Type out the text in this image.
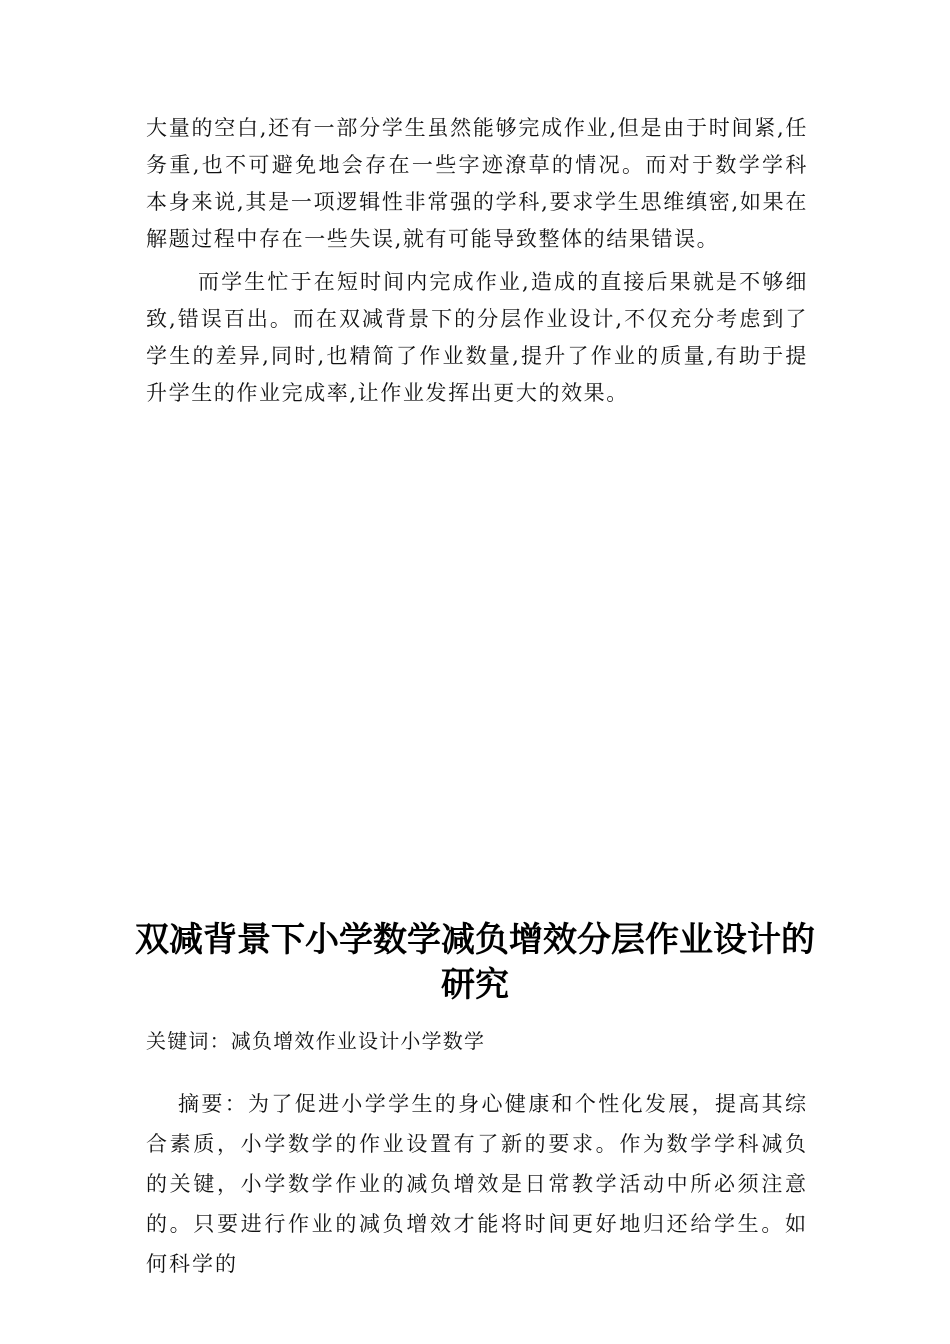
大量的空白,还有一部分学生虽然能够完成作业,但是由于时间紧,任务重,也不可避免地会存在一些字迹潦草的情况。而对于数学学科本身来说,其是一项逻辑性非常强的学科,要求学生思维缜密,如果在解题过程中存在一些失误,就有可能导致整体的结果错误。

而学生忙于在短时间内完成作业,造成的直接后果就是不够细致,错误百出。而在双减背景下的分层作业设计,不仅充分考虑到了学生的差异,同时,也精简了作业数量,提升了作业的质量,有助于提升学生的作业完成率,让作业发挥出更大的效果。

双减背景下小学数学减负增效分层作业设计的研究

关键词：减负增效作业设计小学数学

摘要：为了促进小学学生的身心健康和个性化发展，提高其综合素质，小学数学的作业设置有了新的要求。作为数学学科减负的关键，小学数学作业的减负增效是日常教学活动中所必须注意的。只要进行作业的减负增效才能将时间更好地归还给学生。如何科学的
